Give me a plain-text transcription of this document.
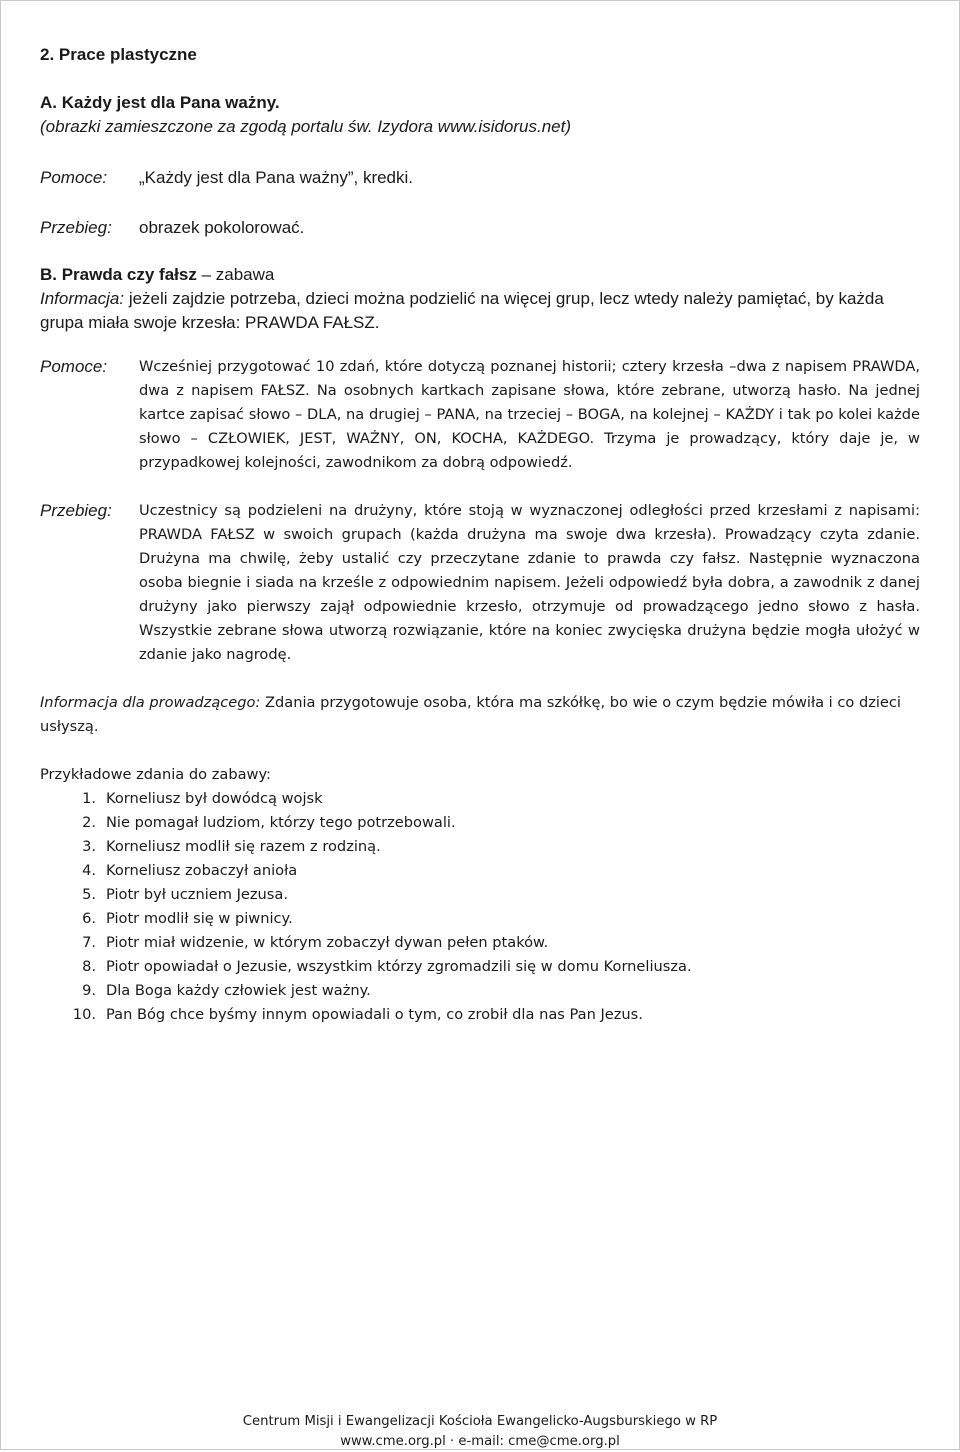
2. Prace plastyczne

A. Każdy jest dla Pana ważny.

(obrazki zamieszczone za zgodą portalu św. Izydora www.isidorus.net)

Pomoce:	„Każdy jest dla Pana ważny”, kredki.
Przebieg:	obrazek pokolorować.

B. Prawda czy fałsz – zabawa

Informacja: jeżeli zajdzie potrzeba, dzieci można podzielić na więcej grup, lecz wtedy należy pamiętać, by każda grupa miała swoje krzesła: PRAWDA FAŁSZ.

Pomoce:	Wcześniej przygotować 10 zdań, które dotyczą poznanej historii; cztery krzesła –dwa z napisem PRAWDA, dwa z napisem FAŁSZ. Na osobnych kartkach zapisane słowa, które zebrane, utworzą hasło. Na jednej kartce zapisać słowo – DLA, na drugiej – PANA, na trzeciej – BOGA, na kolejnej – KAŻDY i tak po kolei każde słowo – CZŁOWIEK, JEST, WAŻNY, ON, KOCHA, KAŻDEGO. Trzyma je prowadzący, który daje je, w przypadkowej kolejności, zawodnikom za dobrą odpowiedź.
Przebieg:	Uczestnicy są podzieleni na drużyny, które stoją w wyznaczonej odległości przed krzesłami z napisami: PRAWDA FAŁSZ w swoich grupach (każda drużyna ma swoje dwa krzesła). Prowadzący czyta zdanie. Drużyna ma chwilę, żeby ustalić czy przeczytane zdanie to prawda czy fałsz. Następnie wyznaczona osoba biegnie i siada na krześle z odpowiednim napisem. Jeżeli odpowiedź była dobra, a zawodnik z danej drużyny jako pierwszy zajął odpowiednie krzesło, otrzymuje od prowadzącego jedno słowo z hasła. Wszystkie zebrane słowa utworzą rozwiązanie, które na koniec zwycięska drużyna będzie mogła ułożyć w zdanie jako nagrodę.

Informacja dla prowadzącego: Zdania przygotowuje osoba, która ma szkółkę, bo wie o czym będzie mówiła i co dzieci usłyszą.

Przykładowe zdania do zabawy:

1. Korneliusz był dowódcą wojsk
2. Nie pomagał ludziom, którzy tego potrzebowali.
3. Korneliusz modlił się razem z rodziną.
4. Korneliusz zobaczył anioła
5. Piotr był uczniem Jezusa.
6. Piotr modlił się w piwnicy.
7. Piotr miał widzenie, w którym zobaczył dywan pełen ptaków.
8. Piotr opowiadał o Jezusie, wszystkim którzy zgromadzili się w domu Korneliusza.
9. Dla Boga każdy człowiek jest ważny.
10. Pan Bóg chce byśmy innym opowiadali o tym, co zrobił dla nas Pan Jezus.
Centrum Misji i Ewangelizacji Kościoła Ewangelicko-Augsburskiego w RP
www.cme.org.pl · e-mail: cme@cme.org.pl
